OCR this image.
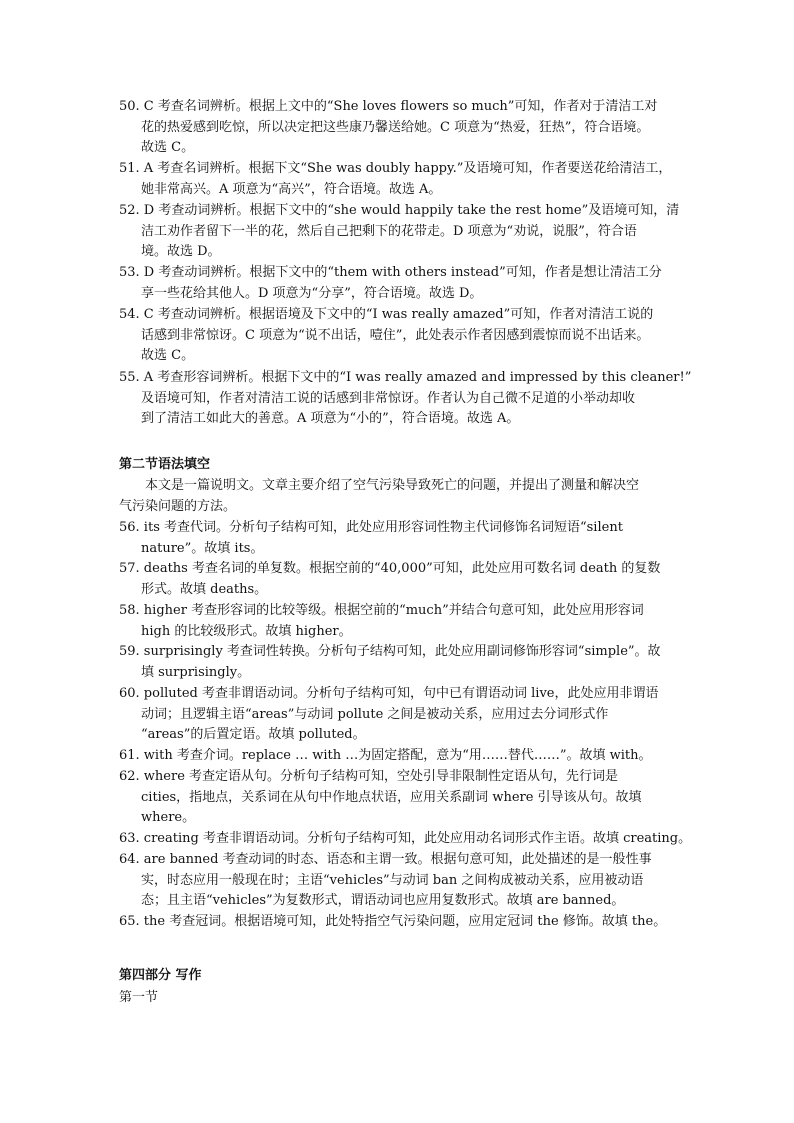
50. C 考查名词辨析。根据上文中的“She loves flowers so much”可知，作者对于清洁工对
花的热爱感到吃惊，所以决定把这些康乃馨送给她。C 项意为“热爱，狂热”，符合语境。
故选 C。
51. A 考查名词辨析。根据下文“She was doubly happy.”及语境可知，作者要送花给清洁工，
她非常高兴。A 项意为“高兴”，符合语境。故选 A。
52. D 考查动词辨析。根据下文中的“she would happily take the rest home”及语境可知，清
洁工劝作者留下一半的花，然后自己把剩下的花带走。D 项意为“劝说，说服”，符合语
境。故选 D。
53. D 考查动词辨析。根据下文中的“them with others instead”可知，作者是想让清洁工分
享一些花给其他人。D 项意为“分享”，符合语境。故选 D。
54. C 考查动词辨析。根据语境及下文中的“I was really amazed”可知，作者对清洁工说的
话感到非常惊讶。C 项意为“说不出话，噎住”，此处表示作者因感到震惊而说不出话来。
故选 C。
55. A 考查形容词辨析。根据下文中的“I was really amazed and impressed by this cleaner!”
及语境可知，作者对清洁工说的话感到非常惊讶。作者认为自己微不足道的小举动却收
到了清洁工如此大的善意。A 项意为“小的”，符合语境。故选 A。
第二节语法填空
本文是一篇说明文。文章主要介绍了空气污染导致死亡的问题，并提出了测量和解决空
气污染问题的方法。
56. its 考查代词。分析句子结构可知，此处应用形容词性物主代词修饰名词短语“silent
nature”。故填 its。
57. deaths 考查名词的单复数。根据空前的“40,000”可知，此处应用可数名词 death 的复数
形式。故填 deaths。
58. higher 考查形容词的比较等级。根据空前的“much”并结合句意可知，此处应用形容词
high 的比较级形式。故填 higher。
59. surprisingly 考查词性转换。分析句子结构可知，此处应用副词修饰形容词“simple”。故
填 surprisingly。
60. polluted 考查非谓语动词。分析句子结构可知，句中已有谓语动词 live，此处应用非谓语
动词；且逻辑主语“areas”与动词 pollute 之间是被动关系，应用过去分词形式作
“areas”的后置定语。故填 polluted。
61. with 考查介词。replace … with …为固定搭配，意为“用……替代……”。故填 with。
62. where 考查定语从句。分析句子结构可知，空处引导非限制性定语从句，先行词是
cities，指地点，关系词在从句中作地点状语，应用关系副词 where 引导该从句。故填
where。
63. creating 考查非谓语动词。分析句子结构可知，此处应用动名词形式作主语。故填 creating。
64. are banned 考查动词的时态、语态和主谓一致。根据句意可知，此处描述的是一般性事
实，时态应用一般现在时；主语“vehicles”与动词 ban 之间构成被动关系，应用被动语
态；且主语“vehicles”为复数形式，谓语动词也应用复数形式。故填 are banned。
65. the 考查冠词。根据语境可知，此处特指空气污染问题，应用定冠词 the 修饰。故填 the。
第四部分 写作
第一节
